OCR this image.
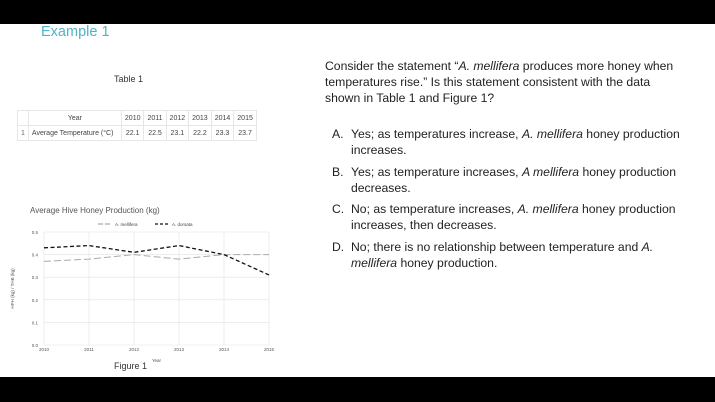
Example 1
Table 1
	Year	2010	2011	2012	2013	2014	2015
1	Average Temperature (°C)	22.1	22.5	23.1	22.2	23.3	23.7
Average Hive Honey Production (kg)
0.0
0.1
0.2
0.3
0.4
0.5
2010	2011	2012	2013	2014	2015
Year
HPH (kg) / THB (kg)
A. mellifera	A. dorsata
Figure 1
Consider the statement “A. mellifera produces more honey when temperatures rise.” Is this statement consistent with the data shown in Table 1 and Figure 1?
A. Yes; as temperatures increase, A. mellifera honey production increases.
B. Yes; as temperature increases, A mellifera honey production decreases.
C. No; as temperature increases, A. mellifera honey production increases, then decreases.
D. No; there is no relationship between temperature and A. mellifera honey production.
